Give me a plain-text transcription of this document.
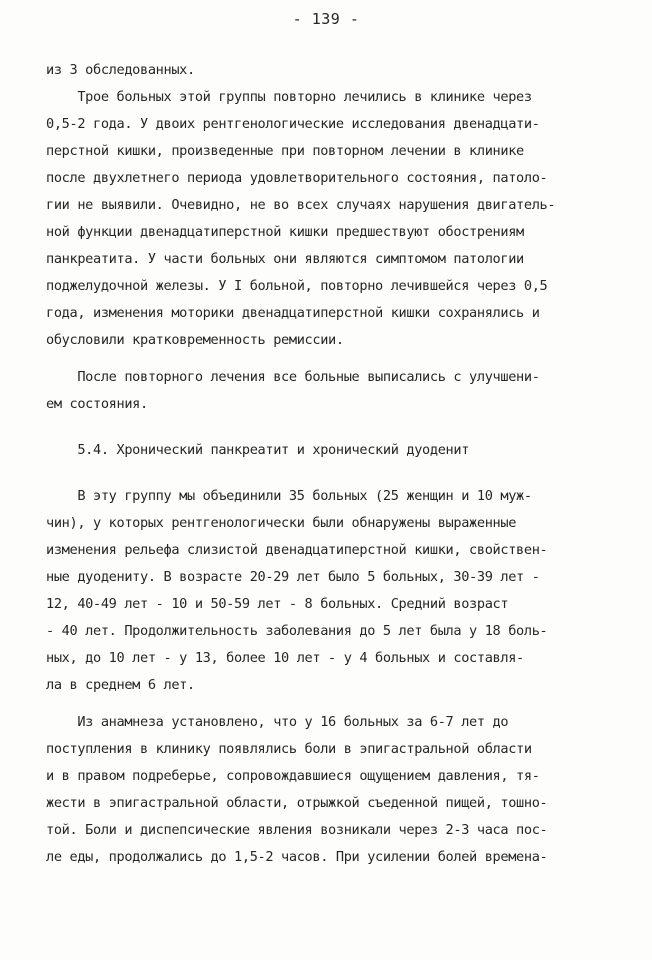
- 139 -
из 3 обследованных.
Трое больных этой группы повторно лечились в клинике через
0,5-2 года. У двоих рентгенологические исследования двенадцати-
перстной кишки, произведенные при повторном лечении в клинике
после двухлетнего периода удовлетворительного состояния, патоло-
гии не выявили. Очевидно, не во всех случаях нарушения двигатель-
ной функции двенадцатиперстной кишки предшествуют обострениям
панкреатита. У части больных они являются симптомом патологии
поджелудочной железы. У I больной, повторно лечившейся через 0,5
года, изменения моторики двенадцатиперстной кишки сохранялись и
обусловили кратковременность ремиссии.
После повторного лечения все больные выписались с улучшени-
ем состояния.
5.4. Хронический панкреатит и хронический дуоденит
В эту группу мы объединили 35 больных (25 женщин и 10 муж-
чин), у которых рентгенологически были обнаружены выраженные
изменения рельефа слизистой двенадцатиперстной кишки, свойствен-
ные дуодениту. В возрасте 20-29 лет было 5 больных, 30-39 лет -
12, 40-49 лет - 10 и 50-59 лет - 8 больных. Средний возраст
- 40 лет. Продолжительность заболевания до 5 лет была у 18 боль-
ных, до 10 лет - у 13, более 10 лет - у 4 больных и составля-
ла в среднем 6 лет.
Из анамнеза установлено, что у 16 больных за 6-7 лет до
поступления в клинику появлялись боли в эпигастральной области
и в правом подреберье, сопровождавшиеся ощущением давления, тя-
жести в эпигастральной области, отрыжкой съеденной пищей, тошно-
той. Боли и диспепсические явления возникали через 2-3 часа пос-
ле еды, продолжались до 1,5-2 часов. При усилении болей времена-
